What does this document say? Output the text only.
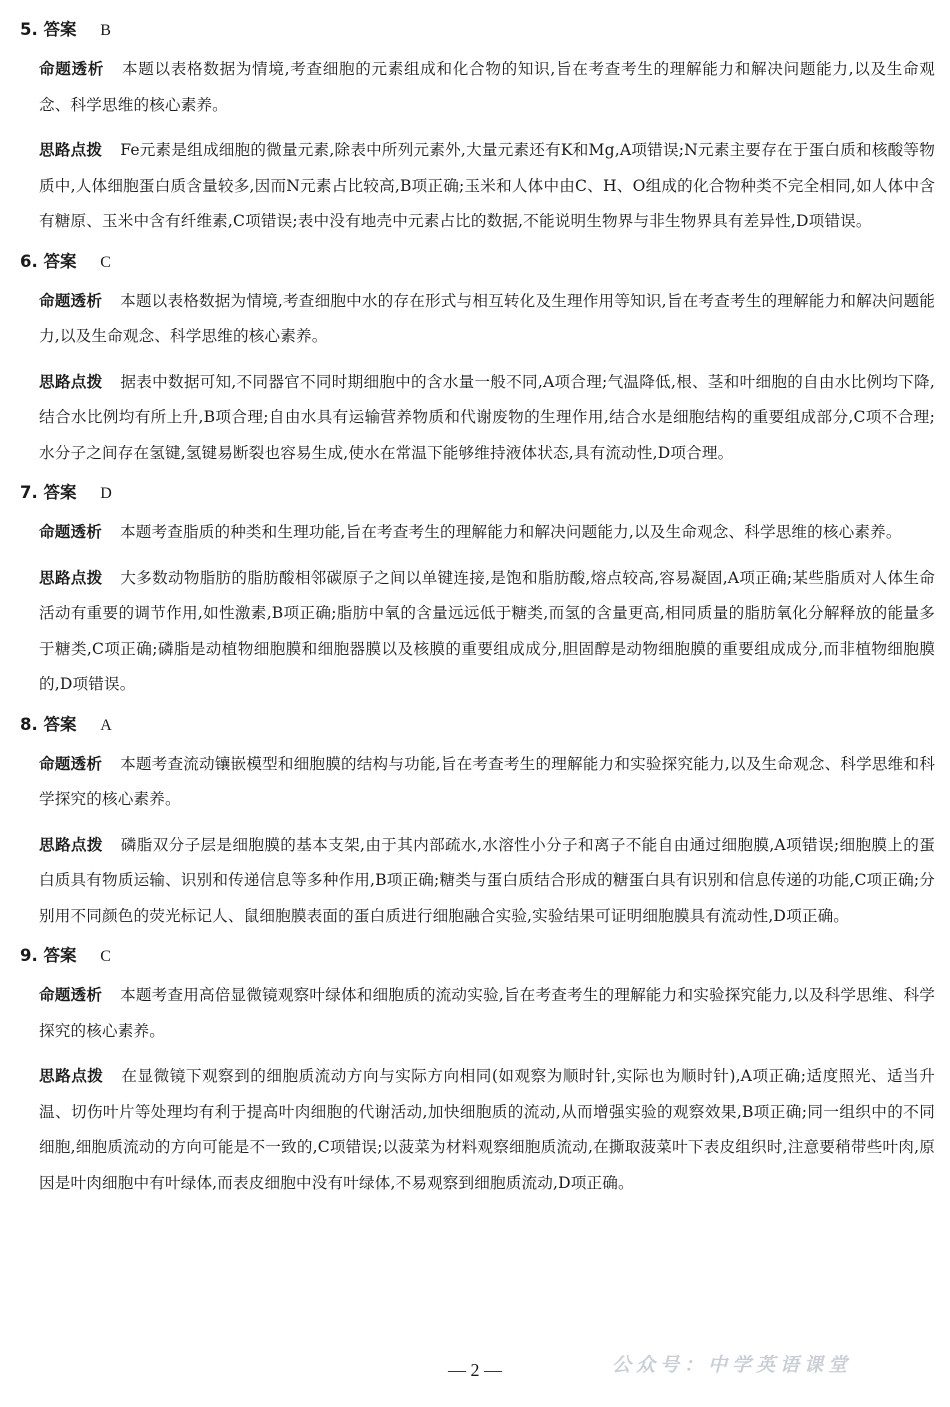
5. 答案 B

命题透析 本题以表格数据为情境,考查细胞的元素组成和化合物的知识,旨在考查考生的理解能力和解决问题能力,以及生命观念、科学思维的核心素养。

思路点拨 Fe元素是组成细胞的微量元素,除表中所列元素外,大量元素还有K和Mg,A项错误;N元素主要存在于蛋白质和核酸等物质中,人体细胞蛋白质含量较多,因而N元素占比较高,B项正确;玉米和人体中由C、H、O组成的化合物种类不完全相同,如人体中含有糖原、玉米中含有纤维素,C项错误;表中没有地壳中元素占比的数据,不能说明生物界与非生物界具有差异性,D项错误。

6. 答案 C

命题透析 本题以表格数据为情境,考查细胞中水的存在形式与相互转化及生理作用等知识,旨在考查考生的理解能力和解决问题能力,以及生命观念、科学思维的核心素养。

思路点拨 据表中数据可知,不同器官不同时期细胞中的含水量一般不同,A项合理;气温降低,根、茎和叶细胞的自由水比例均下降,结合水比例均有所上升,B项合理;自由水具有运输营养物质和代谢废物的生理作用,结合水是细胞结构的重要组成部分,C项不合理;水分子之间存在氢键,氢键易断裂也容易生成,使水在常温下能够维持液体状态,具有流动性,D项合理。

7. 答案 D

命题透析 本题考查脂质的种类和生理功能,旨在考查考生的理解能力和解决问题能力,以及生命观念、科学思维的核心素养。

思路点拨 大多数动物脂肪的脂肪酸相邻碳原子之间以单键连接,是饱和脂肪酸,熔点较高,容易凝固,A项正确;某些脂质对人体生命活动有重要的调节作用,如性激素,B项正确;脂肪中氧的含量远远低于糖类,而氢的含量更高,相同质量的脂肪氧化分解释放的能量多于糖类,C项正确;磷脂是动植物细胞膜和细胞器膜以及核膜的重要组成成分,胆固醇是动物细胞膜的重要组成成分,而非植物细胞膜的,D项错误。

8. 答案 A

命题透析 本题考查流动镶嵌模型和细胞膜的结构与功能,旨在考查考生的理解能力和实验探究能力,以及生命观念、科学思维和科学探究的核心素养。

思路点拨 磷脂双分子层是细胞膜的基本支架,由于其内部疏水,水溶性小分子和离子不能自由通过细胞膜,A项错误;细胞膜上的蛋白质具有物质运输、识别和传递信息等多种作用,B项正确;糖类与蛋白质结合形成的糖蛋白具有识别和信息传递的功能,C项正确;分别用不同颜色的荧光标记人、鼠细胞膜表面的蛋白质进行细胞融合实验,实验结果可证明细胞膜具有流动性,D项正确。

9. 答案 C

命题透析 本题考查用高倍显微镜观察叶绿体和细胞质的流动实验,旨在考查考生的理解能力和实验探究能力,以及科学思维、科学探究的核心素养。

思路点拨 在显微镜下观察到的细胞质流动方向与实际方向相同(如观察为顺时针,实际也为顺时针),A项正确;适度照光、适当升温、切伤叶片等处理均有利于提高叶肉细胞的代谢活动,加快细胞质的流动,从而增强实验的观察效果,B项正确;同一组织中的不同细胞,细胞质流动的方向可能是不一致的,C项错误;以菠菜为材料观察细胞质流动,在撕取菠菜叶下表皮组织时,注意要稍带些叶肉,原因是叶肉细胞中有叶绿体,而表皮细胞中没有叶绿体,不易观察到细胞质流动,D项正确。

— 2 —	公众号：中学英语课堂
